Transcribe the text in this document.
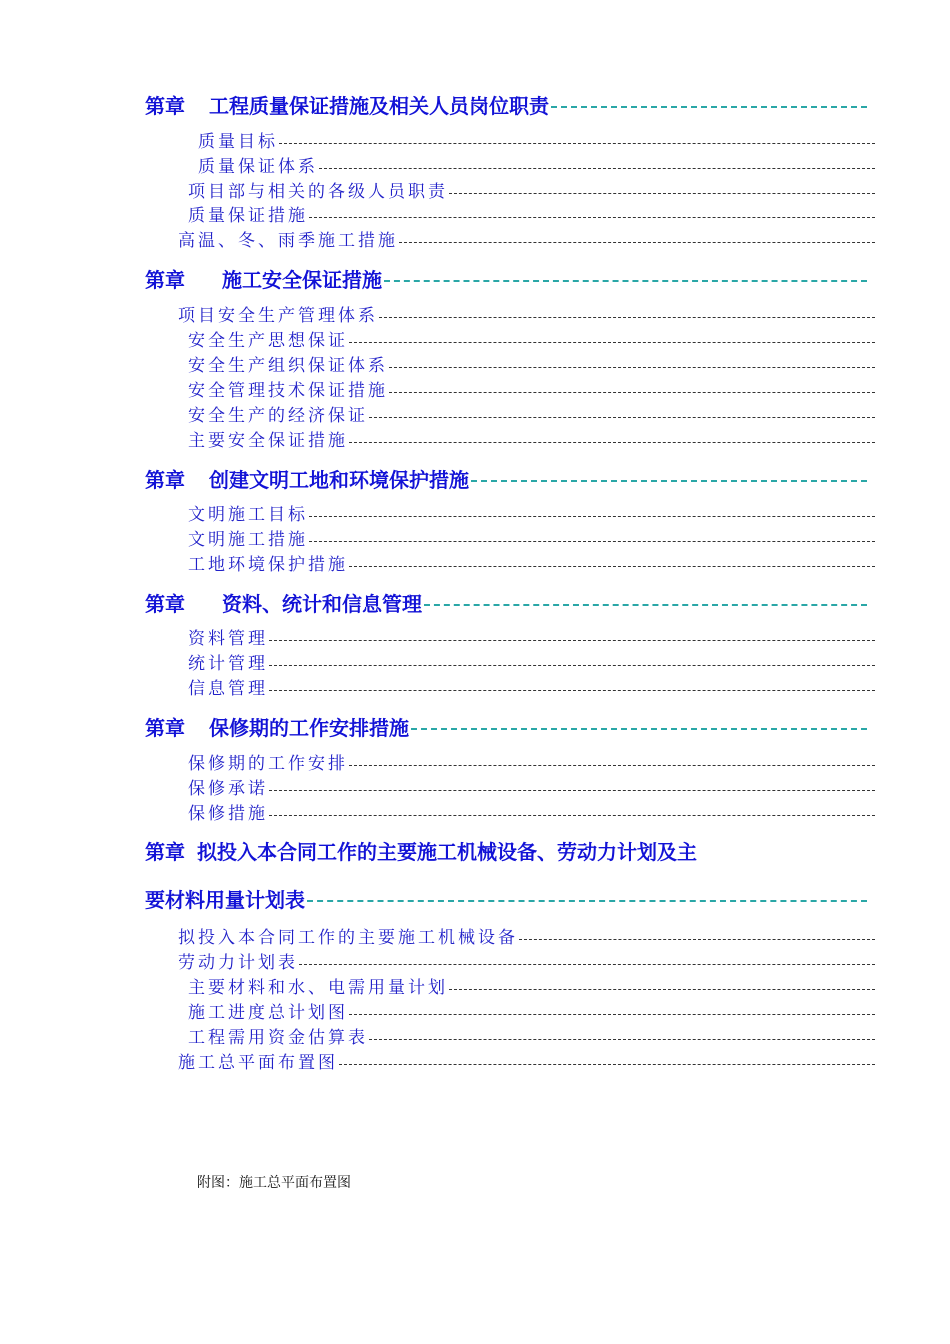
第章 工程质量保证措施及相关人员岗位职责
质量目标
质量保证体系
项目部与相关的各级人员职责
质量保证措施
高温、冬、雨季施工措施
第章 施工安全保证措施
项目安全生产管理体系
安全生产思想保证
安全生产组织保证体系
安全管理技术保证措施
安全生产的经济保证
主要安全保证措施
第章 创建文明工地和环境保护措施
文明施工目标
文明施工措施
工地环境保护措施
第章 资料、统计和信息管理
资料管理
统计管理
信息管理
第章 保修期的工作安排措施
保修期的工作安排
保修承诺
保修措施
第章 拟投入本合同工作的主要施工机械设备、劳动力计划及主
要材料用量计划表
拟投入本合同工作的主要施工机械设备
劳动力计划表
主要材料和水、电需用量计划
施工进度总计划图
工程需用资金估算表
施工总平面布置图
附图：施工总平面布置图
